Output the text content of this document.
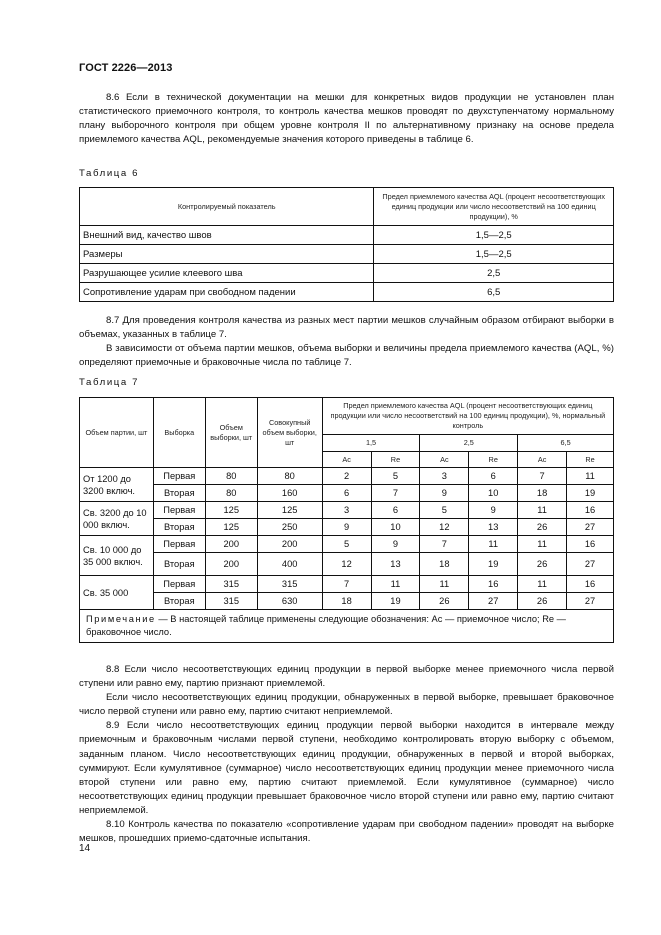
ГОСТ 2226—2013

8.6 Если в технической документации на мешки для конкретных видов продукции не установлен план статистического приемочного контроля, то контроль качества мешков проводят по двухступенчатому нормальному плану выборочного контроля при общем уровне контроля II по альтернативному признаку на основе предела приемлемого качества AQL, рекомендуемые значения которого приведены в таблице 6.

Таблица 6
Контролируемый показатель	Предел приемлемого качества AQL (процент несоответствующих единиц продукции или число несоответствий на 100 единиц продукции), %
Внешний вид, качество швов	1,5—2,5
Размеры	1,5—2,5
Разрушающее усилие клеевого шва	2,5
Сопротивление ударам при свободном падении	6,5

8.7 Для проведения контроля качества из разных мест партии мешков случайным образом отбирают выборки в объемах, указанных в таблице 7.

В зависимости от объема партии мешков, объема выборки и величины предела приемлемого качества (AQL, %) определяют приемочные и браковочные числа по таблице 7.

Таблица 7
Объем партии, шт	Выборка	Объем выборки, шт	Совокупный объем выборки, шт	Предел приемлемого качества AQL (процент несоответствующих единиц продукции или число несоответствий на 100 единиц продукции), %, нормальный контроль					
				1,5		2,5		6,5	
				Ac	Re	Ac	Re	Ac	Re
От 1200 до 3200 включ.	Первая	80	80	2	5	3	6	7	11
	Вторая	80	160	6	7	9	10	18	19
Св. 3200 до 10 000 включ.	Первая	125	125	3	6	5	9	11	16
	Вторая	125	250	9	10	12	13	26	27
Св. 10 000 до 35 000 включ.	Первая	200	200	5	9	7	11	11	16
	Вторая	200	400	12	13	18	19	26	27
Св. 35 000	Первая	315	315	7	11	11	16	11	16
	Вторая	315	630	18	19	26	27	26	27
Примечание — В настоящей таблице применены следующие обозначения: Ac — приемочное число; Re — браковочное число.									

8.8 Если число несоответствующих единиц продукции в первой выборке менее приемочного числа первой ступени или равно ему, партию признают приемлемой.

Если число несоответствующих единиц продукции, обнаруженных в первой выборке, превышает браковочное число первой ступени или равно ему, партию считают неприемлемой.

8.9 Если число несоответствующих единиц продукции первой выборки находится в интервале между приемочным и браковочным числами первой ступени, необходимо контролировать вторую выборку с объемом, заданным планом. Число несоответствующих единиц продукции, обнаруженных в первой и второй выборках, суммируют. Если кумулятивное (суммарное) число несоответствующих единиц продукции менее приемочного числа второй ступени или равно ему, партию считают приемлемой. Если кумулятивное (суммарное) число несоответствующих единиц продукции превышает браковочное число второй ступени или равно ему, партию считают неприемлемой.

8.10 Контроль качества по показателю «сопротивление ударам при свободном падении» проводят на выборке мешков, прошедших приемо-сдаточные испытания.

14
